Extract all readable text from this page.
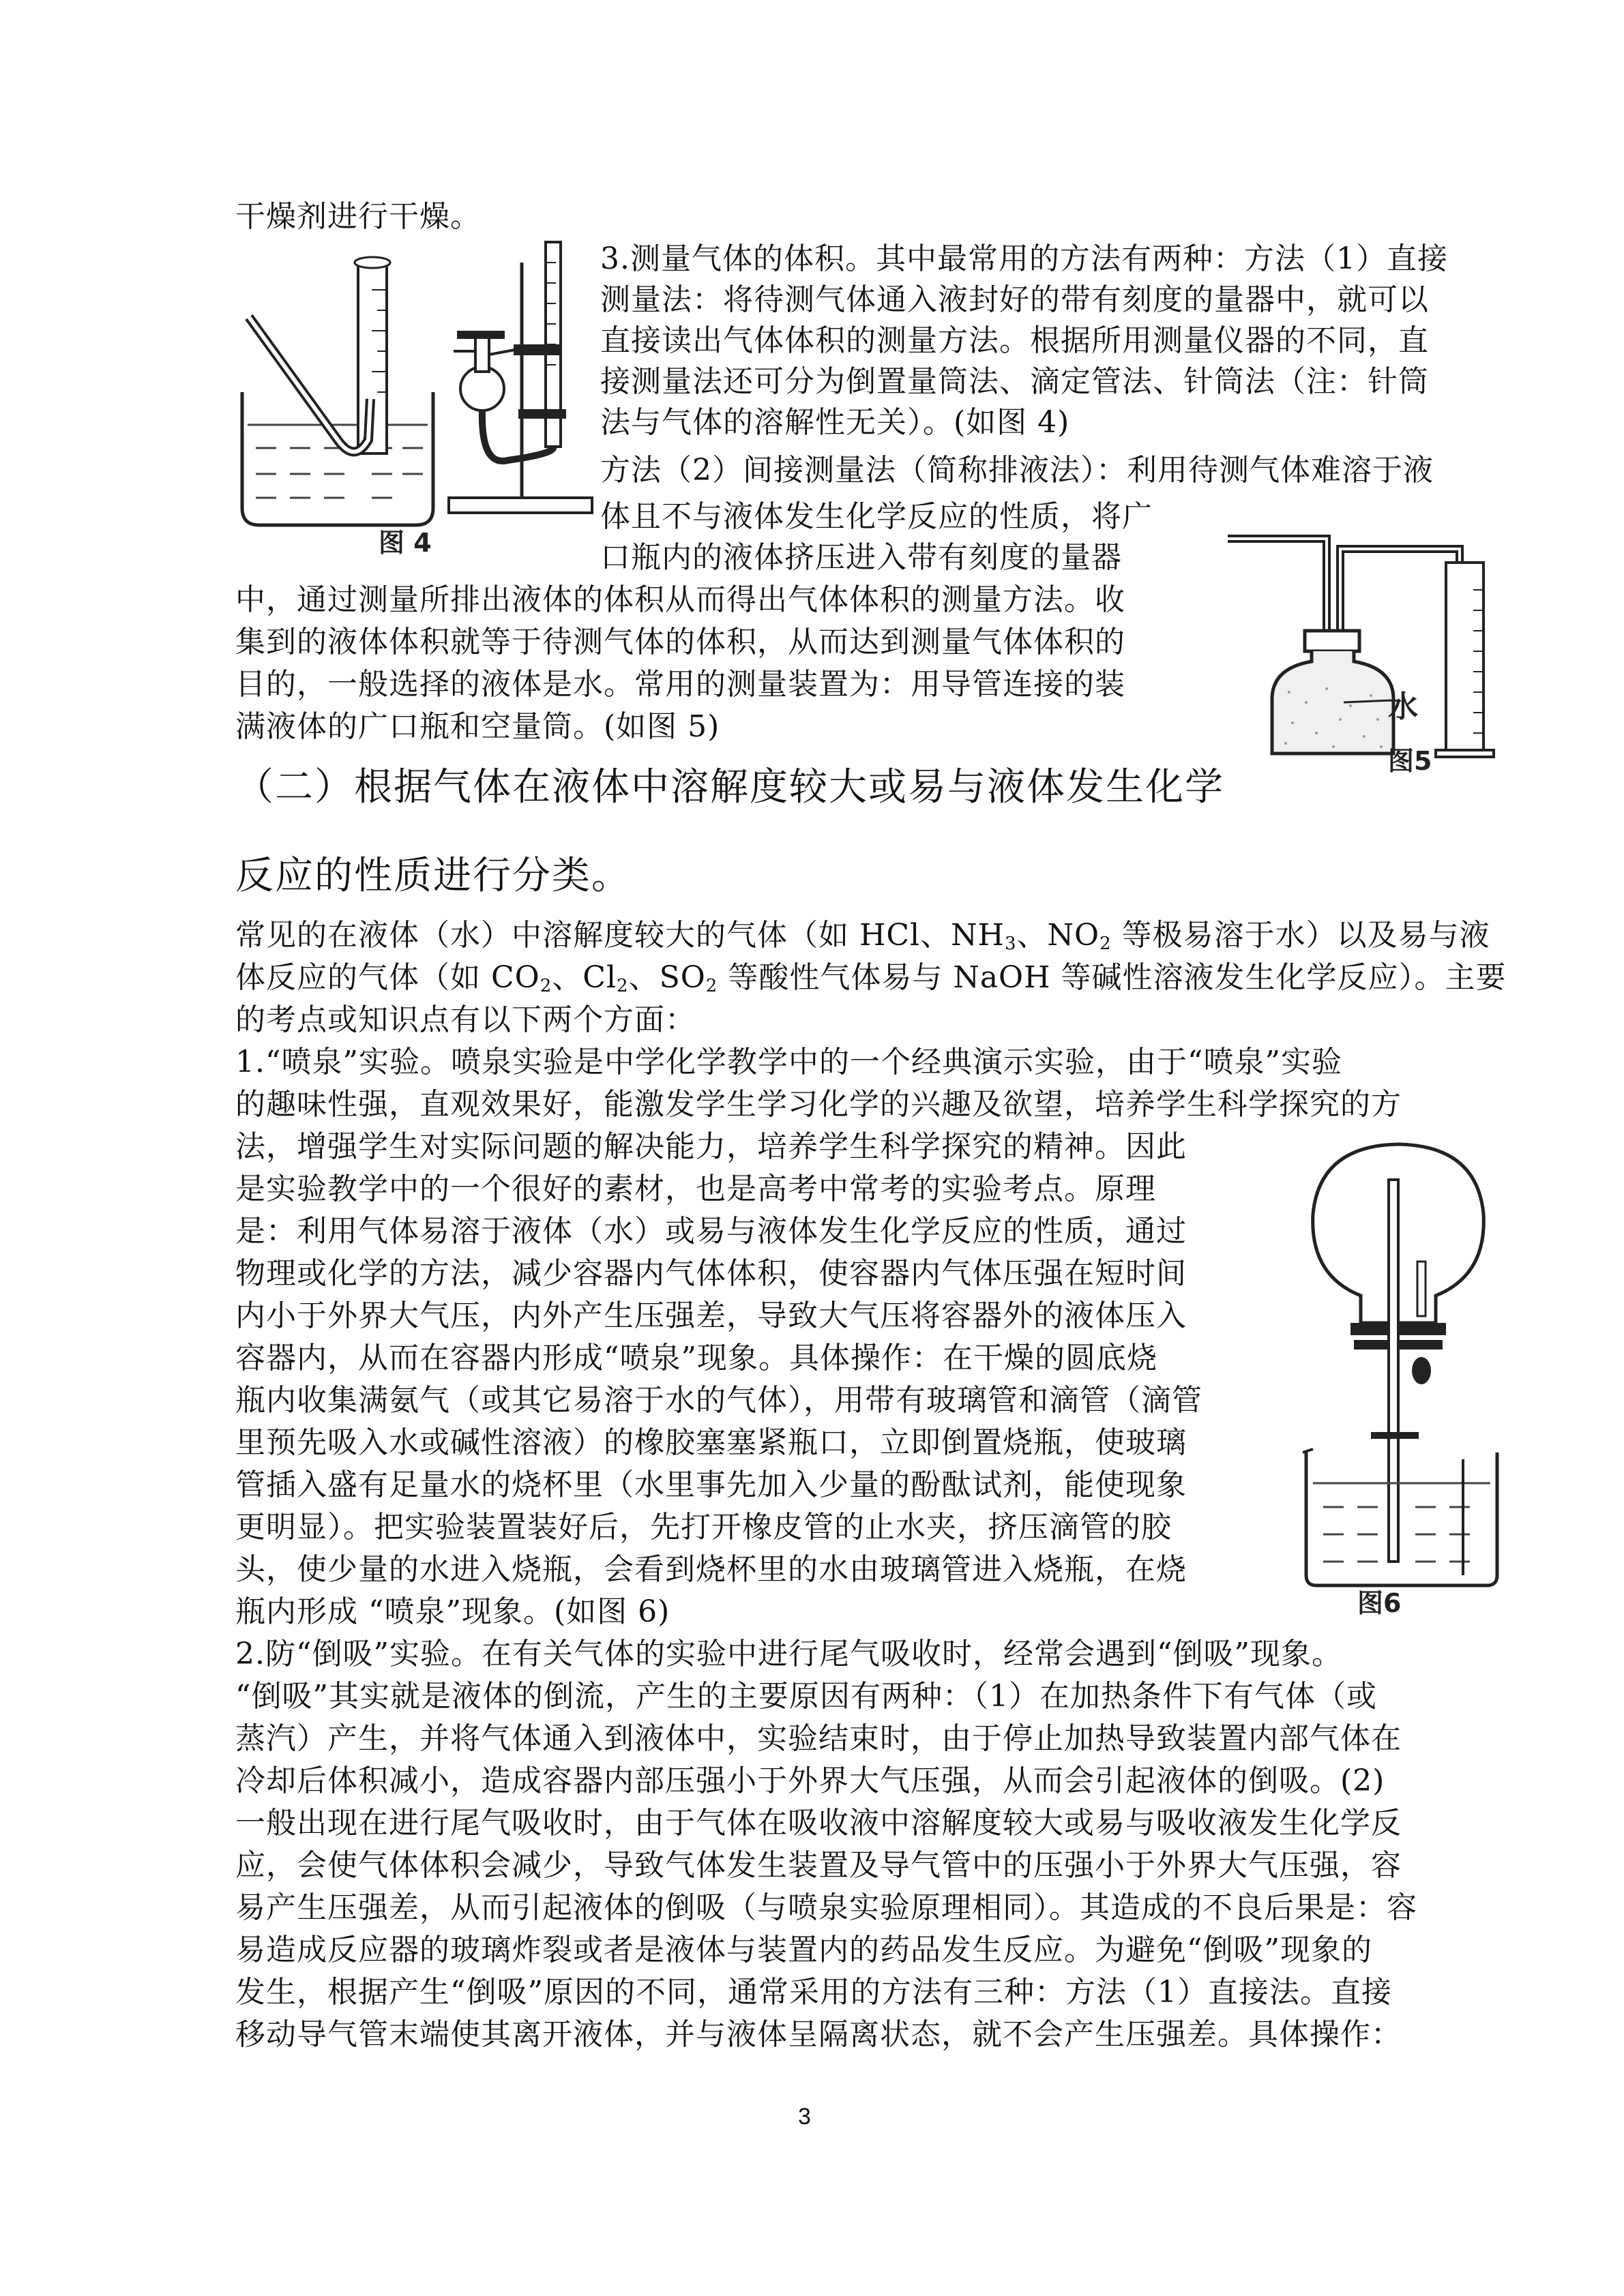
干燥剂进行干燥。
图 4
3.测量气体的体积。其中最常用的方法有两种：方法（1）直接
测量法：将待测气体通入液封好的带有刻度的量器中，就可以
直接读出气体体积的测量方法。根据所用测量仪器的不同，直
接测量法还可分为倒置量筒法、滴定管法、针筒法（注：针筒
法与气体的溶解性无关）。(如图 4)
方法（2）间接测量法（简称排液法）：利用待测气体难溶于液
体且不与液体发生化学反应的性质，将广
口瓶内的液体挤压进入带有刻度的量器
中，通过测量所排出液体的体积从而得出气体体积的测量方法。收
集到的液体体积就等于待测气体的体积，从而达到测量气体体积的
目的，一般选择的液体是水。常用的测量装置为：用导管连接的装
满液体的广口瓶和空量筒。(如图 5)
水
图5
（二）根据气体在液体中溶解度较大或易与液体发生化学
反应的性质进行分类。
常见的在液体（水）中溶解度较大的气体（如 HCl、$NH_3$、$NO_2$ 等极易溶于水）以及易与液
体反应的气体（如 $CO_2$、$Cl_2$、$SO_2$ 等酸性气体易与 NaOH 等碱性溶液发生化学反应）。主要
的考点或知识点有以下两个方面：
1.“喷泉”实验。喷泉实验是中学化学教学中的一个经典演示实验，由于“喷泉”实验
的趣味性强，直观效果好，能激发学生学习化学的兴趣及欲望，培养学生科学探究的方
法，增强学生对实际问题的解决能力，培养学生科学探究的精神。因此
是实验教学中的一个很好的素材，也是高考中常考的实验考点。原理
是：利用气体易溶于液体（水）或易与液体发生化学反应的性质，通过
物理或化学的方法，减少容器内气体体积，使容器内气体压强在短时间
内小于外界大气压，内外产生压强差，导致大气压将容器外的液体压入
容器内，从而在容器内形成“喷泉”现象。具体操作：在干燥的圆底烧
瓶内收集满氨气（或其它易溶于水的气体），用带有玻璃管和滴管（滴管
里预先吸入水或碱性溶液）的橡胶塞塞紧瓶口，立即倒置烧瓶，使玻璃
管插入盛有足量水的烧杯里（水里事先加入少量的酚酞试剂，能使现象
更明显）。把实验装置装好后，先打开橡皮管的止水夹，挤压滴管的胶
头，使少量的水进入烧瓶，会看到烧杯里的水由玻璃管进入烧瓶，在烧
瓶内形成 “喷泉”现象。(如图 6)	图6
2.防“倒吸”实验。在有关气体的实验中进行尾气吸收时，经常会遇到“倒吸”现象。
“倒吸”其实就是液体的倒流，产生的主要原因有两种：（1）在加热条件下有气体（或
蒸汽）产生，并将气体通入到液体中，实验结束时，由于停止加热导致装置内部气体在
冷却后体积减小，造成容器内部压强小于外界大气压强，从而会引起液体的倒吸。(2)
一般出现在进行尾气吸收时，由于气体在吸收液中溶解度较大或易与吸收液发生化学反
应，会使气体体积会减少，导致气体发生装置及导气管中的压强小于外界大气压强，容
易产生压强差，从而引起液体的倒吸（与喷泉实验原理相同）。其造成的不良后果是：容
易造成反应器的玻璃炸裂或者是液体与装置内的药品发生反应。为避免“倒吸”现象的
发生，根据产生“倒吸”原因的不同，通常采用的方法有三种：方法（1）直接法。直接
移动导气管末端使其离开液体，并与液体呈隔离状态，就不会产生压强差。具体操作：
3
